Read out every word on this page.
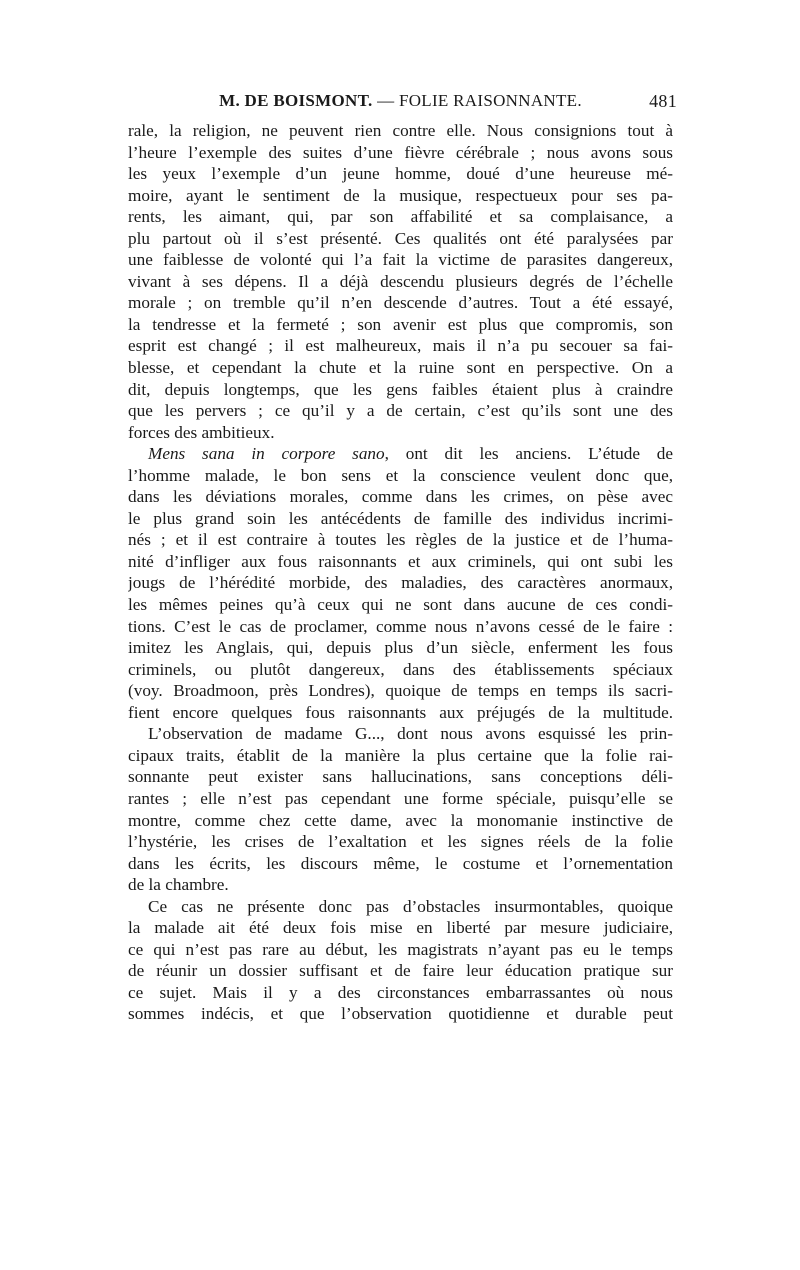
M. DE BOISMONT. — FOLIE RAISONNANTE.	481
rale, la religion, ne peuvent rien contre elle. Nous consignions tout à
l’heure l’exemple des suites d’une fièvre cérébrale ; nous avons sous
les yeux l’exemple d’un jeune homme, doué d’une heureuse mé-
moire, ayant le sentiment de la musique, respectueux pour ses pa-
rents, les aimant, qui, par son affabilité et sa complaisance, a
plu partout où il s’est présenté. Ces qualités ont été paralysées par
une faiblesse de volonté qui l’a fait la victime de parasites dangereux,
vivant à ses dépens. Il a déjà descendu plusieurs degrés de l’échelle
morale ; on tremble qu’il n’en descende d’autres. Tout a été essayé,
la tendresse et la fermeté ; son avenir est plus que compromis, son
esprit est changé ; il est malheureux, mais il n’a pu secouer sa fai-
blesse, et cependant la chute et la ruine sont en perspective. On a
dit, depuis longtemps, que les gens faibles étaient plus à craindre
que les pervers ; ce qu’il y a de certain, c’est qu’ils sont une des
forces des ambitieux.
Mens sana in corpore sano, ont dit les anciens. L’étude de
l’homme malade, le bon sens et la conscience veulent donc que,
dans les déviations morales, comme dans les crimes, on pèse avec
le plus grand soin les antécédents de famille des individus incrimi-
nés ; et il est contraire à toutes les règles de la justice et de l’huma-
nité d’infliger aux fous raisonnants et aux criminels, qui ont subi les
jougs de l’hérédité morbide, des maladies, des caractères anormaux,
les mêmes peines qu’à ceux qui ne sont dans aucune de ces condi-
tions. C’est le cas de proclamer, comme nous n’avons cessé de le faire :
imitez les Anglais, qui, depuis plus d’un siècle, enferment les fous
criminels, ou plutôt dangereux, dans des établissements spéciaux
(voy. Broadmoon, près Londres), quoique de temps en temps ils sacri-
fient encore quelques fous raisonnants aux préjugés de la multitude.
L’observation de madame G..., dont nous avons esquissé les prin-
cipaux traits, établit de la manière la plus certaine que la folie rai-
sonnante peut exister sans hallucinations, sans conceptions déli-
rantes ; elle n’est pas cependant une forme spéciale, puisqu’elle se
montre, comme chez cette dame, avec la monomanie instinctive de
l’hystérie, les crises de l’exaltation et les signes réels de la folie
dans les écrits, les discours même, le costume et l’ornementation
de la chambre.
Ce cas ne présente donc pas d’obstacles insurmontables, quoique
la malade ait été deux fois mise en liberté par mesure judiciaire,
ce qui n’est pas rare au début, les magistrats n’ayant pas eu le temps
de réunir un dossier suffisant et de faire leur éducation pratique sur
ce sujet. Mais il y a des circonstances embarrassantes où nous
sommes indécis, et que l’observation quotidienne et durable peut
